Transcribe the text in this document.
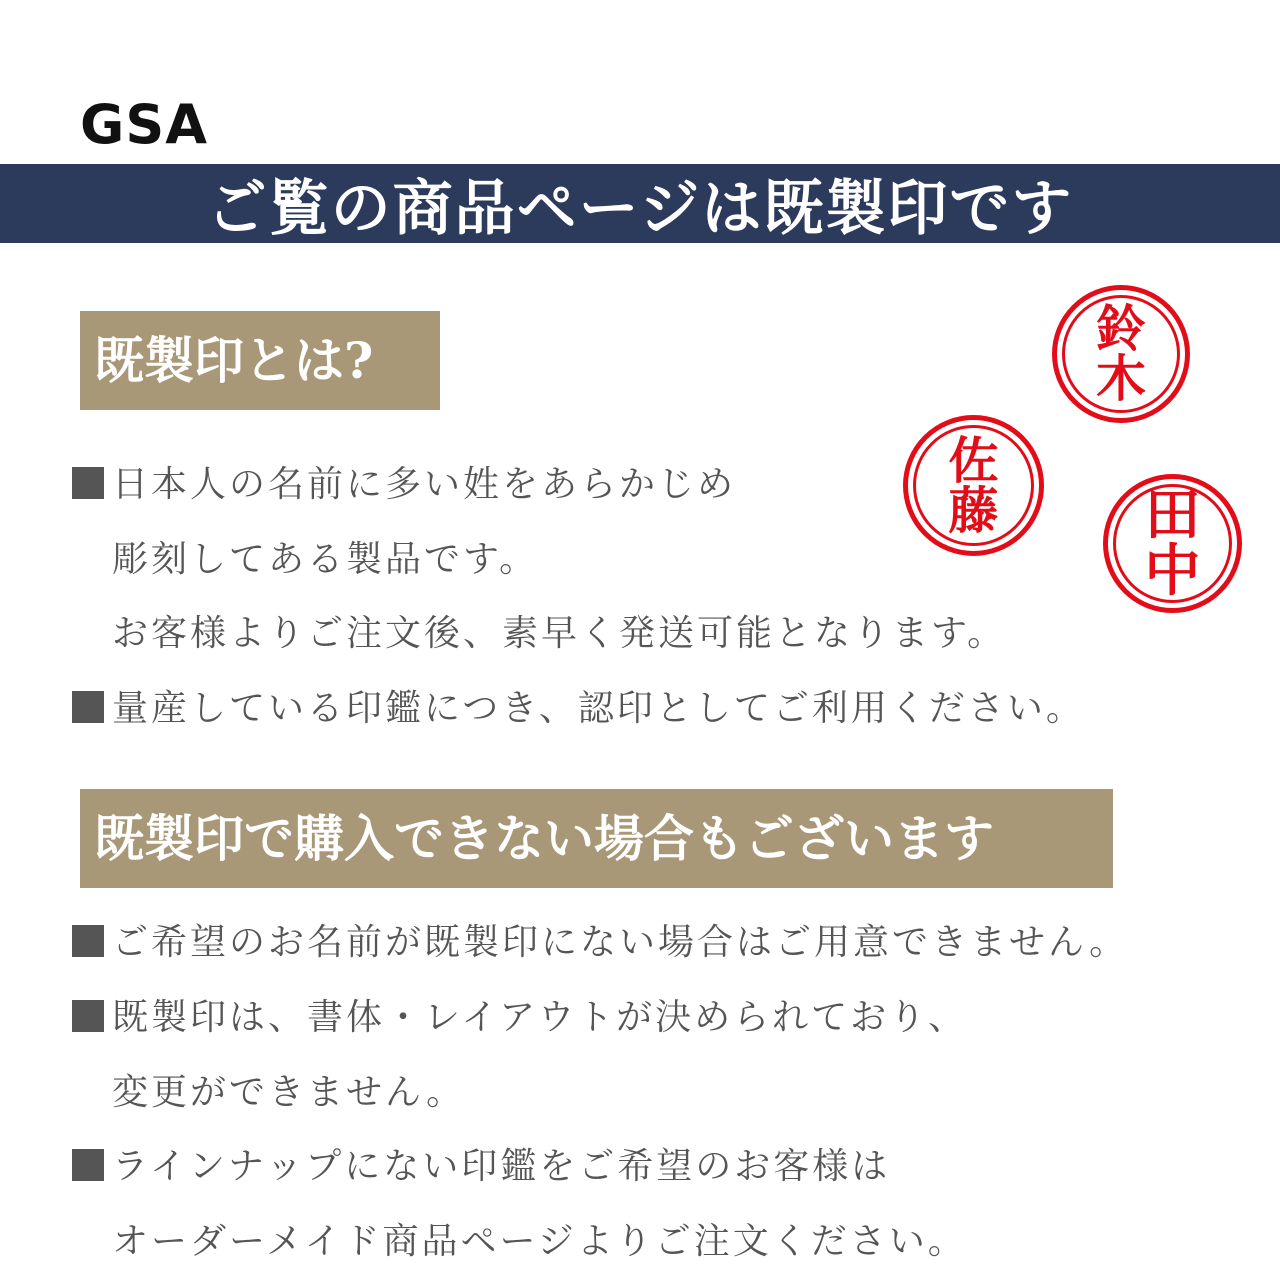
GSA
ご覧の商品ページは既製印です
既製印とは?
日本人の名前に多い姓をあらかじめ
彫刻してある製品です。
お客様よりご注文後、素早く発送可能となります。
量産している印鑑につき、認印としてご利用ください。
既製印で購入できない場合もございます
ご希望のお名前が既製印にない場合はご用意できません。
既製印は、書体・レイアウトが決められており、
変更ができません。
ラインナップにない印鑑をご希望のお客様は
オーダーメイド商品ページよりご注文ください。
鈴
木
佐
藤	田
中
